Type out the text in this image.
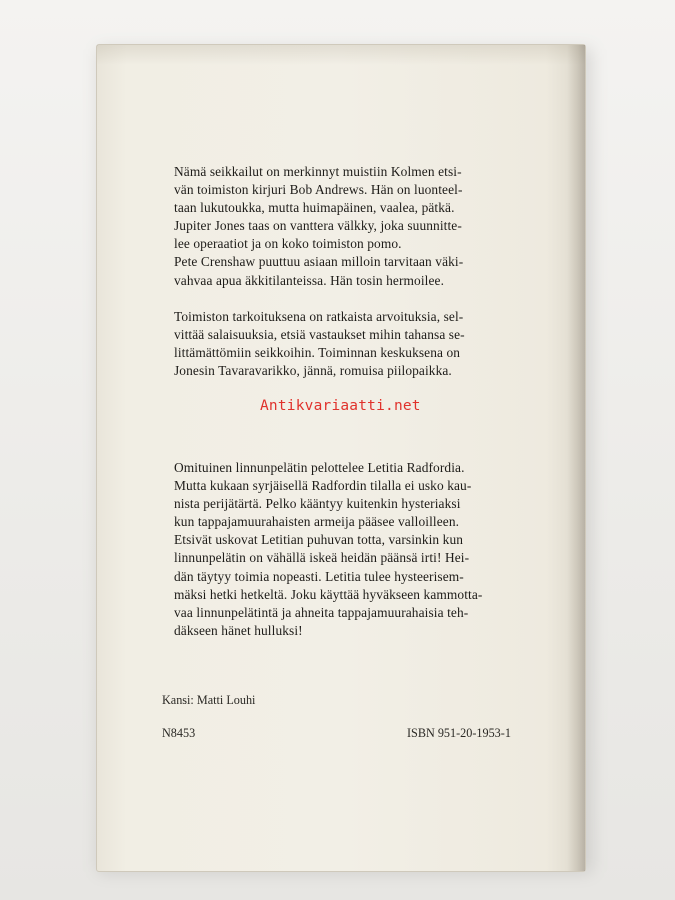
Nämä seikkailut on merkinnyt muistiin Kolmen etsi-
vän toimiston kirjuri Bob Andrews. Hän on luonteel-
taan lukutoukka, mutta huimapäinen, vaalea, pätkä.
Jupiter Jones taas on vanttera välkky, joka suunnitte-
lee operaatiot ja on koko toimiston pomo.
Pete Crenshaw puuttuu asiaan milloin tarvitaan väki-
vahvaa apua äkkitilanteissa. Hän tosin hermoilee.
Toimiston tarkoituksena on ratkaista arvoituksia, sel-
vittää salaisuuksia, etsiä vastaukset mihin tahansa se-
littämättömiin seikkoihin. Toiminnan keskuksena on
Jonesin Tavaravarikko, jännä, romuisa piilopaikka.
Antikvariaatti.net
Omituinen linnunpelätin pelottelee Letitia Radfordia.
Mutta kukaan syrjäisellä Radfordin tilalla ei usko kau-
nista perijätärtä. Pelko kääntyy kuitenkin hysteriaksi
kun tappajamuurahaisten armeija pääsee valloilleen.
Etsivät uskovat Letitian puhuvan totta, varsinkin kun
linnunpelätin on vähällä iskeä heidän päänsä irti! Hei-
dän täytyy toimia nopeasti. Letitia tulee hysteerisem-
mäksi hetki hetkeltä. Joku käyttää hyväkseen kammotta-
vaa linnunpelätintä ja ahneita tappajamuurahaisia teh-
däkseen hänet hulluksi!
Kansi: Matti Louhi
N8453	ISBN 951-20-1953-1
